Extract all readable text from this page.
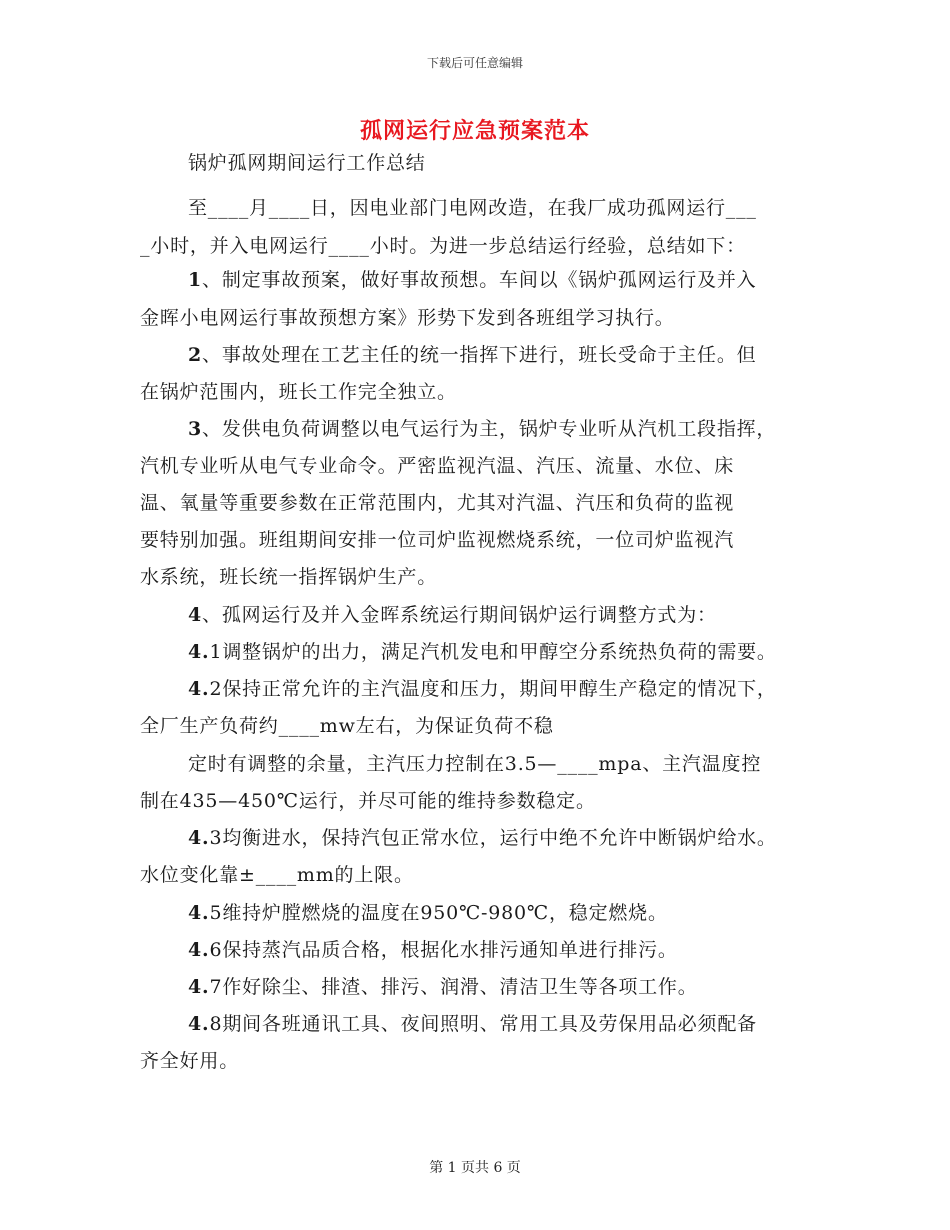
下载后可任意编辑
孤网运行应急预案范本
锅炉孤网期间运行工作总结
至____月____日，因电业部门电网改造，在我厂成功孤网运行___
_小时，并入电网运行____小时。为进一步总结运行经验，总结如下：
1、制定事故预案，做好事故预想。车间以《锅炉孤网运行及并入
金晖小电网运行事故预想方案》形势下发到各班组学习执行。
2、事故处理在工艺主任的统一指挥下进行，班长受命于主任。但
在锅炉范围内，班长工作完全独立。
3、发供电负荷调整以电气运行为主，锅炉专业听从汽机工段指挥，
汽机专业听从电气专业命令。严密监视汽温、汽压、流量、水位、床
温、氧量等重要参数在正常范围内，尤其对汽温、汽压和负荷的监视
要特别加强。班组期间安排一位司炉监视燃烧系统，一位司炉监视汽
水系统，班长统一指挥锅炉生产。
4、孤网运行及并入金晖系统运行期间锅炉运行调整方式为：
4.1调整锅炉的出力，满足汽机发电和甲醇空分系统热负荷的需要。
4.2保持正常允许的主汽温度和压力，期间甲醇生产稳定的情况下，
全厂生产负荷约____mw左右，为保证负荷不稳
定时有调整的余量，主汽压力控制在3.5—____mpa、主汽温度控
制在435—450℃运行，并尽可能的维持参数稳定。
4.3均衡进水，保持汽包正常水位，运行中绝不允许中断锅炉给水。
水位变化靠±____mm的上限。
4.5维持炉膛燃烧的温度在950℃-980℃，稳定燃烧。
4.6保持蒸汽品质合格，根据化水排污通知单进行排污。
4.7作好除尘、排渣、排污、润滑、清洁卫生等各项工作。
4.8期间各班通讯工具、夜间照明、常用工具及劳保用品必须配备
齐全好用。
第 1 页共 6 页
